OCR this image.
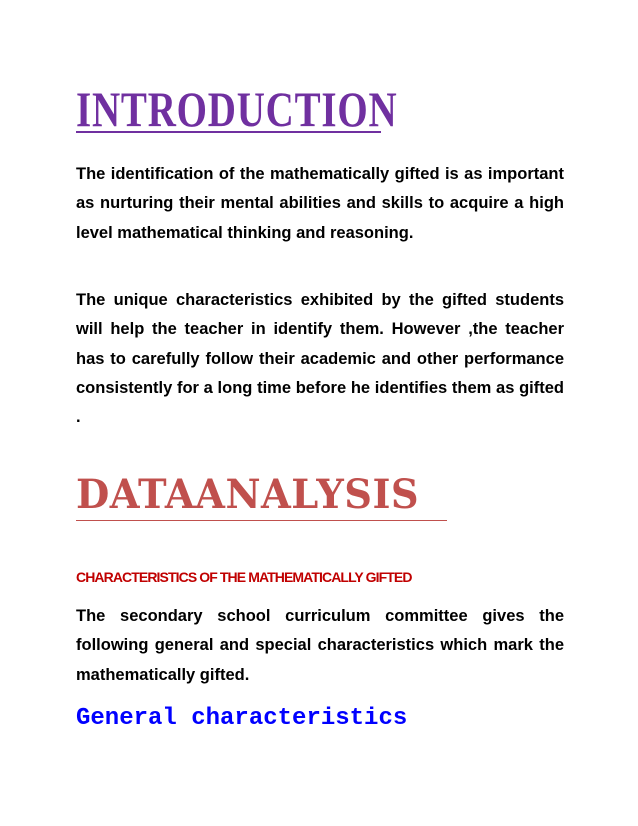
INTRODUCTION

The identification of the mathematically gifted is as important as nurturing their mental abilities and skills to acquire a high level mathematical thinking and reasoning.

The unique characteristics exhibited by the gifted students will help the teacher in identify them. However ,the teacher has to carefully follow their academic and other performance consistently for a long time before he identifies them as gifted .

DATAANALYSIS
CHARACTERISTICS OF THE MATHEMATICALLY GIFTED

The secondary school curriculum committee gives the following general and special characteristics which mark the mathematically gifted.

General characteristics
